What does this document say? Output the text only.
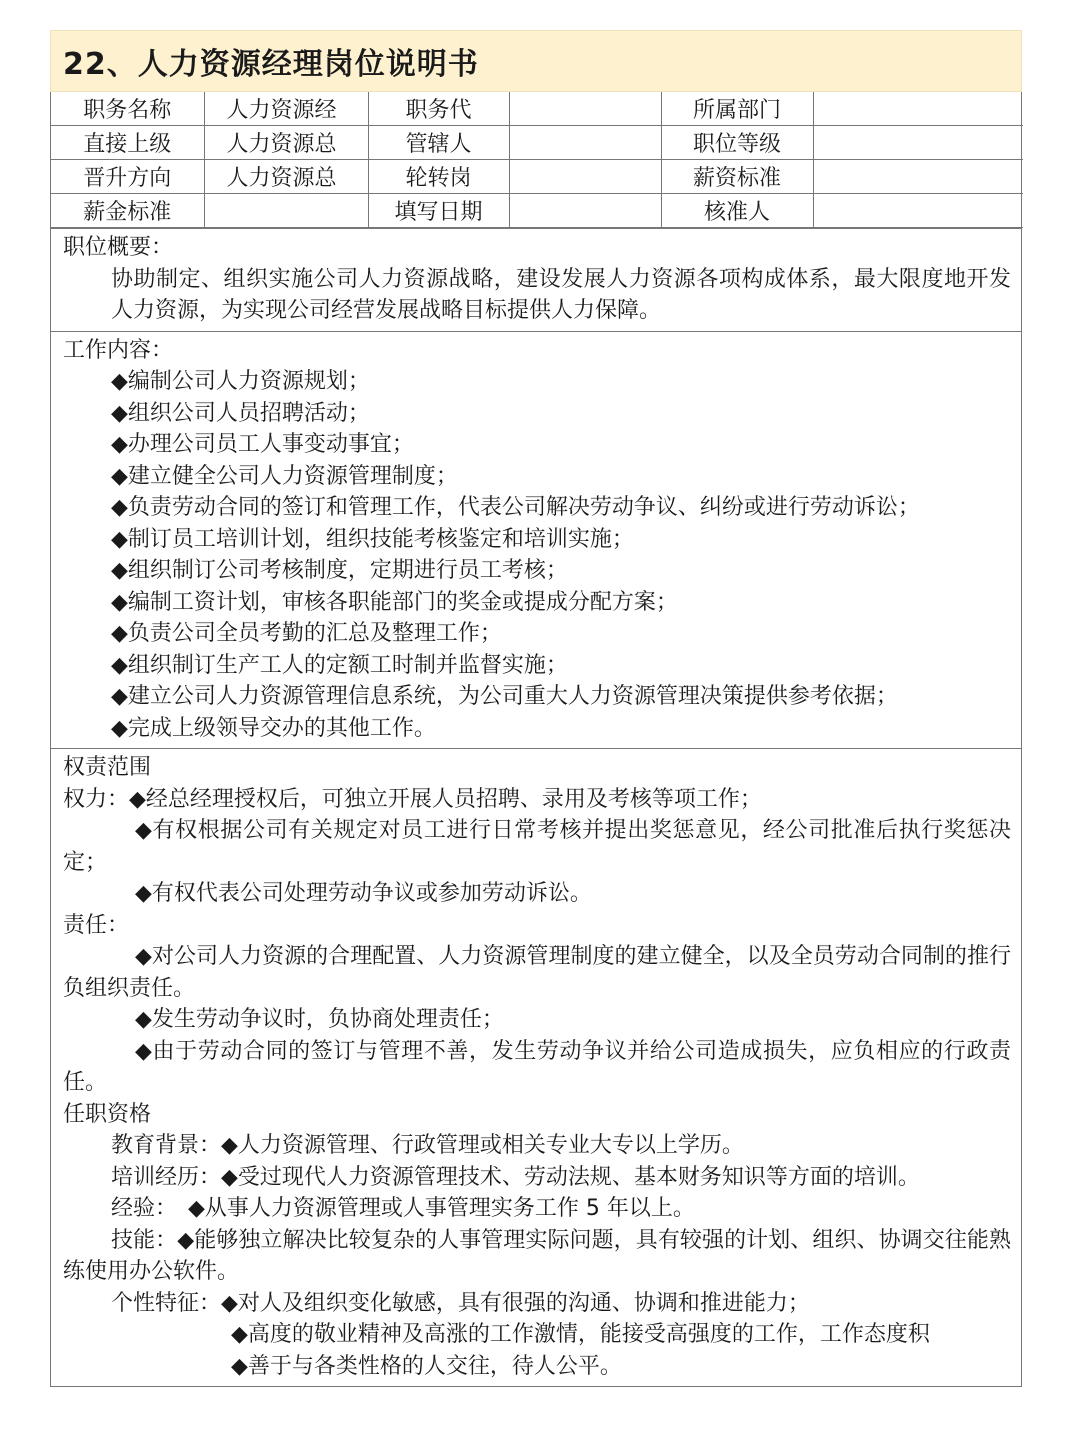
22、人力资源经理岗位说明书
职务名称	人力资源经	职务代		所属部门	
直接上级	人力资源总	管辖人		职位等级	
晋升方向	人力资源总	轮转岗		薪资标准	
薪金标准		填写日期		核准人	
职位概要：
协助制定、组织实施公司人力资源战略，建设发展人力资源各项构成体系，最大限度地开发人力资源，为实现公司经营发展战略目标提供人力保障。
工作内容：
◆编制公司人力资源规划；
◆组织公司人员招聘活动；
◆办理公司员工人事变动事宜；
◆建立健全公司人力资源管理制度；
◆负责劳动合同的签订和管理工作，代表公司解决劳动争议、纠纷或进行劳动诉讼；
◆制订员工培训计划，组织技能考核鉴定和培训实施；
◆组织制订公司考核制度，定期进行员工考核；
◆编制工资计划，审核各职能部门的奖金或提成分配方案；
◆负责公司全员考勤的汇总及整理工作；
◆组织制订生产工人的定额工时制并监督实施；
◆建立公司人力资源管理信息系统，为公司重大人力资源管理决策提供参考依据；
◆完成上级领导交办的其他工作。
权责范围
权力：◆经总经理授权后，可独立开展人员招聘、录用及考核等项工作；
◆有权根据公司有关规定对员工进行日常考核并提出奖惩意见，经公司批准后执行奖惩决定；
◆有权代表公司处理劳动争议或参加劳动诉讼。
责任：
◆对公司人力资源的合理配置、人力资源管理制度的建立健全，以及全员劳动合同制的推行负组织责任。
◆发生劳动争议时，负协商处理责任；
◆由于劳动合同的签订与管理不善，发生劳动争议并给公司造成损失，应负相应的行政责任。
任职资格
教育背景：◆人力资源管理、行政管理或相关专业大专以上学历。
培训经历：◆受过现代人力资源管理技术、劳动法规、基本财务知识等方面的培训。
经验：　◆从事人力资源管理或人事管理实务工作 5 年以上。
技能：◆能够独立解决比较复杂的人事管理实际问题，具有较强的计划、组织、协调交往能熟练使用办公软件。
个性特征：◆对人及组织变化敏感，具有很强的沟通、协调和推进能力；
◆高度的敬业精神及高涨的工作激情，能接受高强度的工作，工作态度积
◆善于与各类性格的人交往，待人公平。
